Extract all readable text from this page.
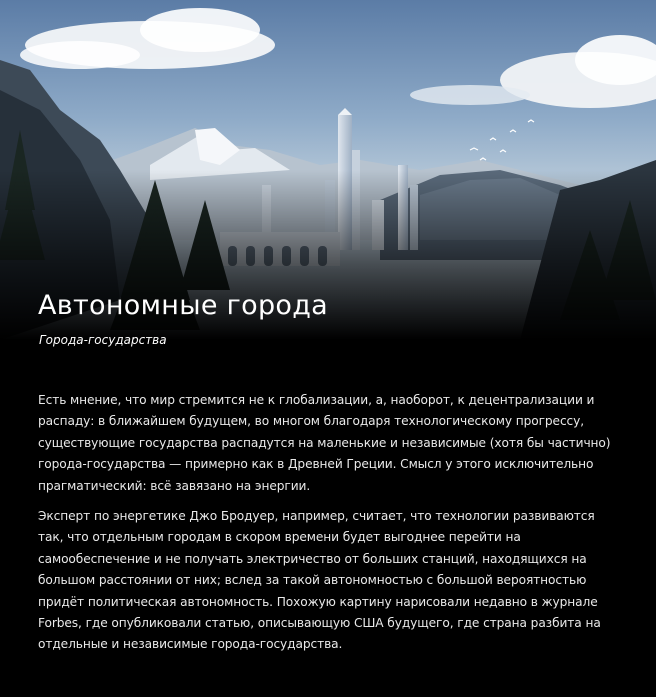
Автономные города

Города-государства

Есть мнение, что мир стремится не к глобализации, а, наоборот, к децентрализации и распаду: в ближайшем будущем, во многом благодаря технологическому прогрессу, существующие государства распадутся на маленькие и независимые (хотя бы частично) города-государства — примерно как в Древней Греции. Смысл у этого исключительно прагматический: всё завязано на энергии.

Эксперт по энергетике Джо Бродуер, например, считает, что технологии развиваются так, что отдельным городам в скором времени будет выгоднее перейти на самообеспечение и не получать электричество от больших станций, находящихся на большом расстоянии от них; вслед за такой автономностью с большой вероятностью придёт политическая автономность. Похожую картину нарисовали недавно в журнале Forbes, где опубликовали статью, описывающую США будущего, где страна разбита на отдельные и независимые города-государства.
